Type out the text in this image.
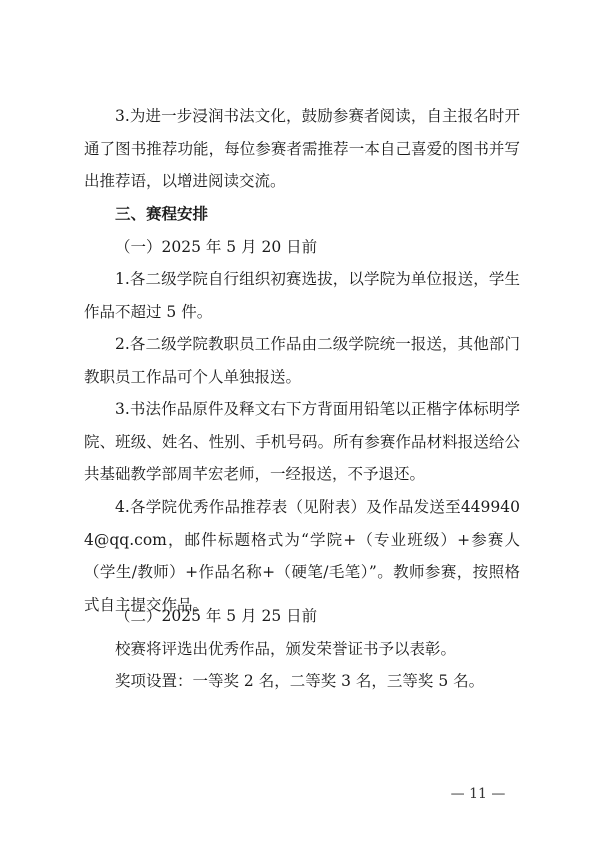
3.为进一步浸润书法文化，鼓励参赛者阅读，自主报名时开通了图书推荐功能，每位参赛者需推荐一本自己喜爱的图书并写出推荐语，以增进阅读交流。

三、赛程安排

（一）2025 年 5 月 20 日前

1.各二级学院自行组织初赛选拔，以学院为单位报送，学生作品不超过 5 件。

2.各二级学院教职员工作品由二级学院统一报送，其他部门教职员工作品可个人单独报送。

3.书法作品原件及释文右下方背面用铅笔以正楷字体标明学院、班级、姓名、性别、手机号码。所有参赛作品材料报送给公共基础教学部周芊宏老师，一经报送，不予退还。

4.各学院优秀作品推荐表（见附表）及作品发送至4499404@qq.com，邮件标题格式为“学院+（专业班级）+参赛人（学生/教师）+作品名称+（硬笔/毛笔）”。教师参赛，按照格式自主提交作品。

（二）2025 年 5 月 25 日前

校赛将评选出优秀作品，颁发荣誉证书予以表彰。

奖项设置：一等奖 2 名，二等奖 3 名，三等奖 5 名。

— 11 —
